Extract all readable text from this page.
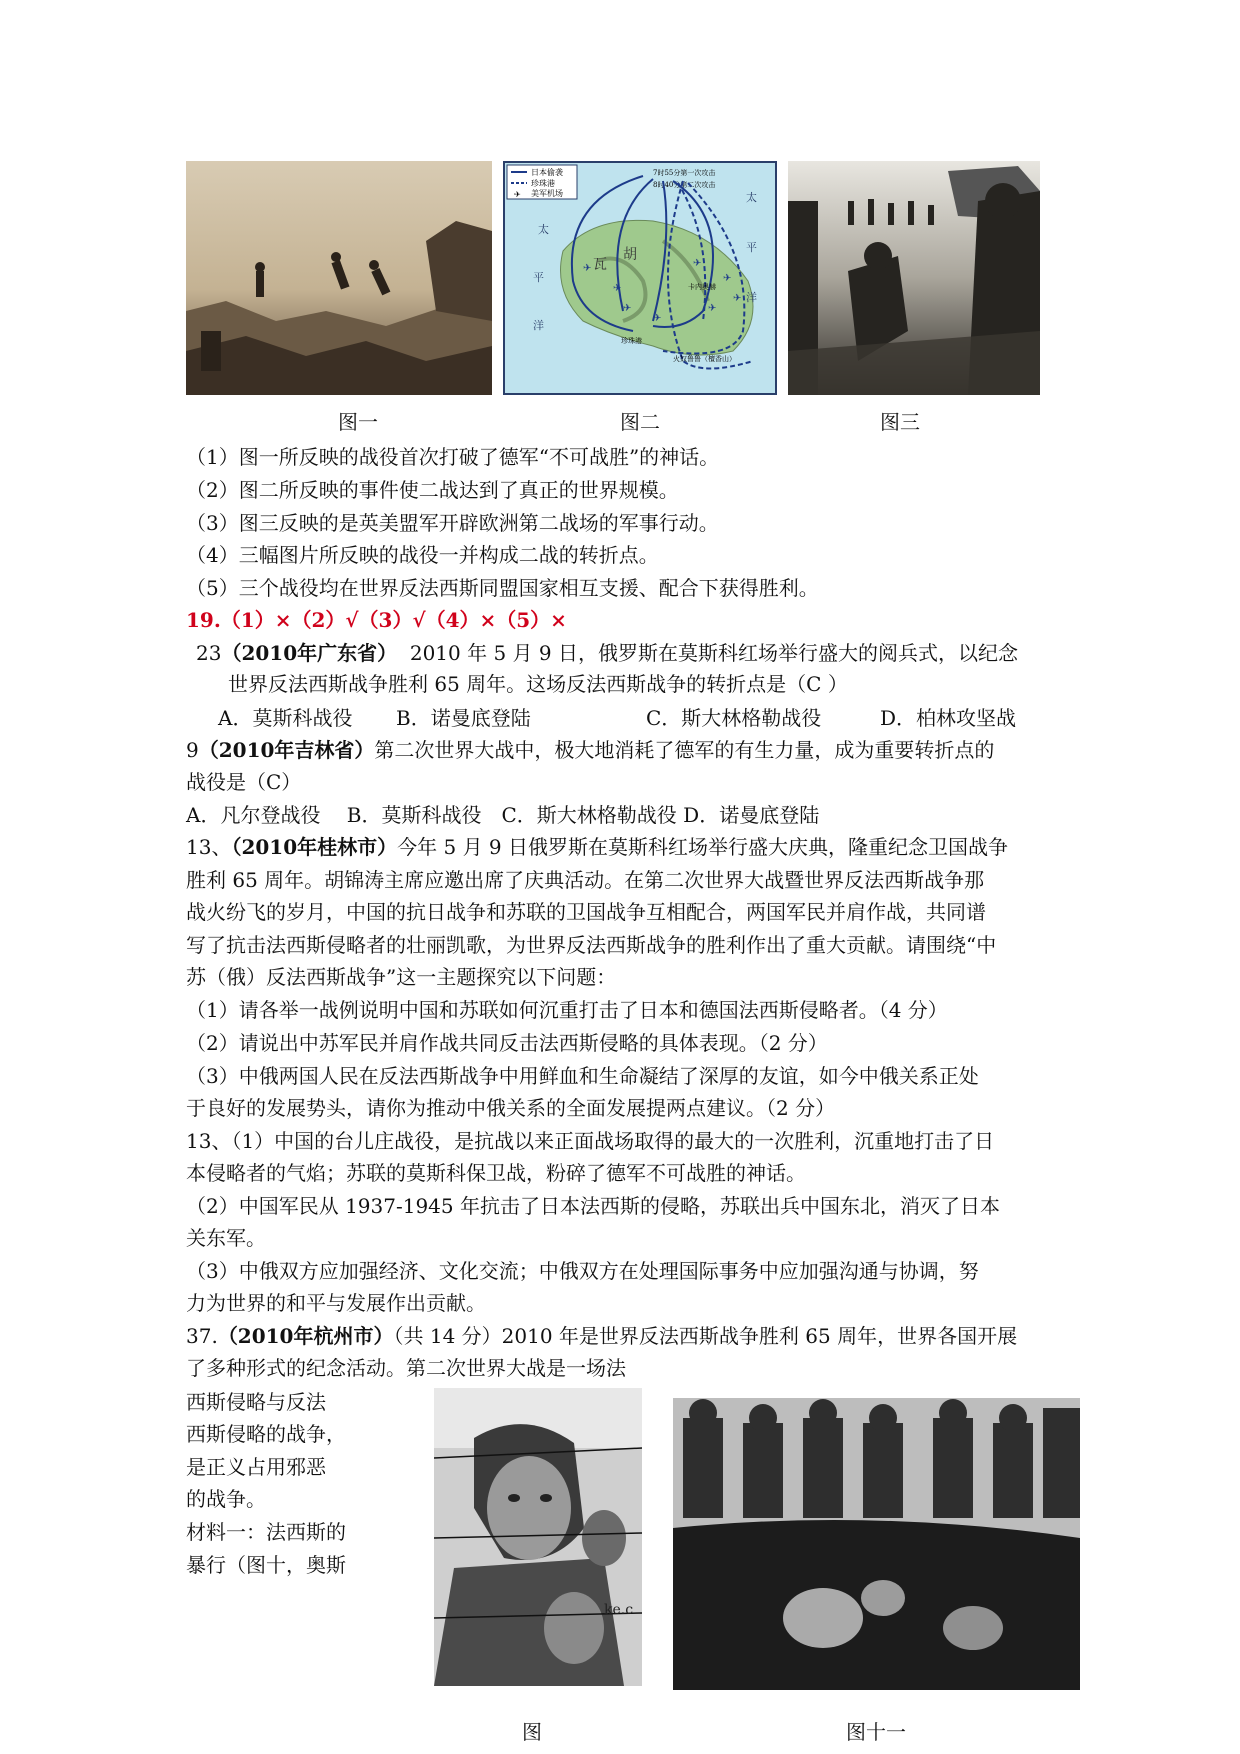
✈
日本偷袭
珍珠港
美军机场
7时55分第一次攻击
8时40分第二次攻击
✈
✈
✈
✈
✈
✈
✈
✈
太
平
洋
太
平
洋
瓦
胡
卡内奥赫
珍珠港
火奴鲁鲁（檀香山）
图一	图二	图三
（1）图一所反映的战役首次打破了德军“不可战胜”的神话。
（2）图二所反映的事件使二战达到了真正的世界规模。
（3）图三反映的是英美盟军开辟欧洲第二战场的军事行动。
（4）三幅图片所反映的战役一并构成二战的转折点。
（5）三个战役均在世界反法西斯同盟国家相互支援、配合下获得胜利。
19.（1）×（2）√（3）√（4）×（5）×
23（2010年广东省） 2010 年 5 月 9 日，俄罗斯在莫斯科红场举行盛大的阅兵式，以纪念
世界反法西斯战争胜利 65 周年。这场反法西斯战争的转折点是（C ）
A．莫斯科战役 B．诺曼底登陆	C．斯大林格勒战役	D．柏林攻坚战
9（2010年吉林省）第二次世界大战中，极大地消耗了德军的有生力量，成为重要转折点的
战役是（C）
A．凡尔登战役　 B．莫斯科战役　C．斯大林格勒战役 D．诺曼底登陆
13、（2010年桂林市）今年 5 月 9 日俄罗斯在莫斯科红场举行盛大庆典，隆重纪念卫国战争
胜利 65 周年。胡锦涛主席应邀出席了庆典活动。在第二次世界大战暨世界反法西斯战争那
战火纷飞的岁月，中国的抗日战争和苏联的卫国战争互相配合，两国军民并肩作战，共同谱
写了抗击法西斯侵略者的壮丽凯歌，为世界反法西斯战争的胜利作出了重大贡献。请围绕“中
苏（俄）反法西斯战争”这一主题探究以下问题：
（1）请各举一战例说明中国和苏联如何沉重打击了日本和德国法西斯侵略者。（4 分）
（2）请说出中苏军民并肩作战共同反击法西斯侵略的具体表现。（2 分）
（3）中俄两国人民在反法西斯战争中用鲜血和生命凝结了深厚的友谊，如今中俄关系正处
于良好的发展势头，请你为推动中俄关系的全面发展提两点建议。（2 分）
13、（1）中国的台儿庄战役，是抗战以来正面战场取得的最大的一次胜利，沉重地打击了日
本侵略者的气焰；苏联的莫斯科保卫战，粉碎了德军不可战胜的神话。
（2）中国军民从 1937-1945 年抗击了日本法西斯的侵略，苏联出兵中国东北，消灭了日本
关东军。
（3）中俄双方应加强经济、文化交流；中俄双方在处理国际事务中应加强沟通与协调，努
力为世界的和平与发展作出贡献。
37.（2010年杭州市）（共 14 分）2010 年是世界反法西斯战争胜利 65 周年，世界各国开展
了多种形式的纪念活动。第二次世界大战是一场法
西斯侵略与反法
西斯侵略的战争，
是正义占用邪恶
的战争。
材料一：法西斯的
暴行（图十，奥斯
ke.c
图	图十一
